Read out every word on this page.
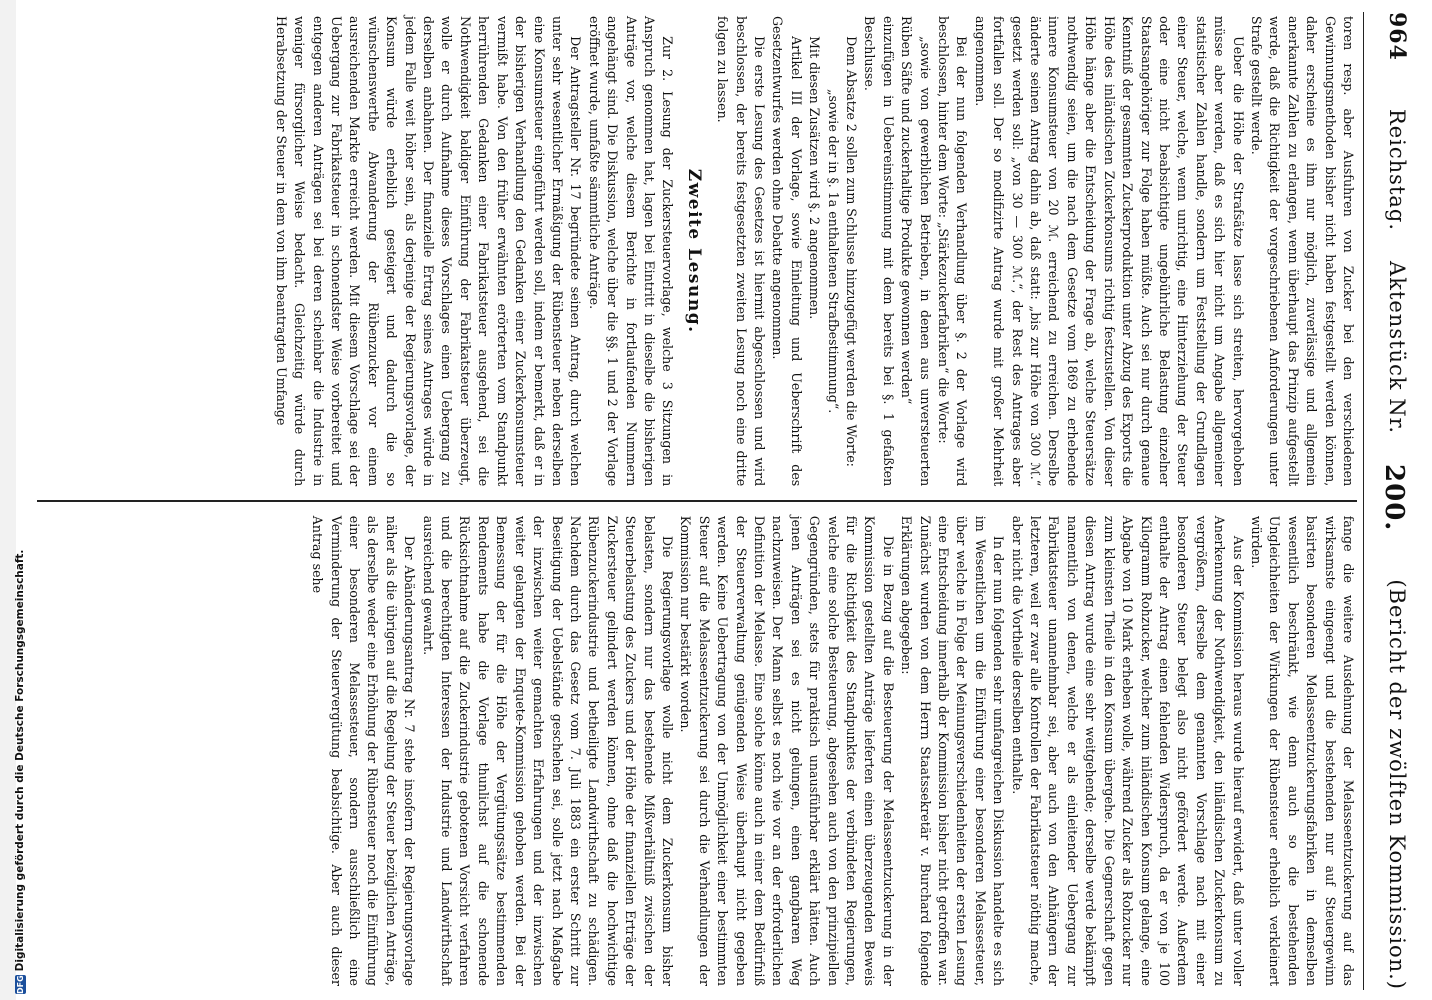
DFG
Digitalisierung gefördert durch die Deutsche Forschungsgemeinschaft.
964
Reichstag.
Aktenstück Nr.
200.
(Bericht der zwölften Kommission.)

toren resp. aber Ausfuhren von Zucker bei den verschiedenen Gewinnungsmethoden bisher nicht haben festgestellt werden können, daher erscheine es ihm nur möglich, zuverlässige und allgemein anerkannte Zahlen zu erlangen, wenn überhaupt das Prinzip aufgestellt werde, daß die Richtigkeit der vorgeschriebenen Anforderungen unter Strafe gestellt werde.

Ueber die Höhe der Strafsätze lasse sich streiten, hervorgehoben müsse aber werden, daß es sich hier nicht um Angabe allgemeiner statistischer Zahlen handle, sondern um Feststellung der Grundlagen einer Steuer, welche, wenn unrichtig, eine Hinterziehung der Steuer oder eine nicht beabsichtigte ungebührliche Belastung einzelner Staatsangehöriger zur Folge haben müßte. Auch sei nur durch genaue Kenntniß der gesammten Zuckerproduktion unter Abzug des Exports die Höhe des inländischen Zuckerkonsums richtig festzustellen. Von dieser Höhe hänge aber die Entscheidung der Frage ab, welche Steuersätze nothwendig seien, um die nach dem Gesetze vom 1869 zu erhebende innere Konsumsteuer von 20 ℳ. erreichend zu erreichen. Derselbe änderte seinen Antrag dahin ab, daß statt: „bis zur Höhe von 300 ℳ.“ gesetzt werden soll: „von 30 — 300 ℳ.“, der Rest des Antrages aber fortfallen soll. Der so modifizirte Antrag wurde mit großer Mehrheit angenommen.

Bei der nun folgenden Verhandlung über §. 2 der Vorlage wird beschlossen, hinter dem Worte: „Stärkezuckerfabriken“ die Worte:

„sowie von gewerblichen Betrieben, in denen aus unversteuerten Rüben Säfte und zuckerhaltige Produkte gewonnen werden“

einzufügen in Uebereinstimmung mit dem bereits bei §. 1 gefaßten Beschlusse.

Dem Absatze 2 sollen zum Schlusse hinzugefügt werden die Worte:

„sowie der in §. 1a enthaltenen Strafbestimmung“.

Mit diesen Zusätzen wird §. 2 angenommen.

Artikel III der Vorlage, sowie Einleitung und Ueberschrift des Gesetzentwurfes werden ohne Debatte angenommen.

Die erste Lesung des Gesetzes ist hiermit abgeschlossen und wird beschlossen, der bereits festgesetzten zweiten Lesung noch eine dritte folgen zu lassen.

Zweite Lesung.

Zur 2. Lesung der Zuckersteuervorlage, welche 3 Sitzungen in Anspruch genommen hat, lagen bei Eintritt in dieselbe die bisherigen Anträge vor, welche diesem Berichte in fortlaufenden Nummern angehängt sind. Die Diskussion, welche über die §§. 1 und 2 der Vorlage eröffnet wurde, umfaßte sämmtliche Anträge.

Der Antragsteller Nr. 17 begründete seinen Antrag, durch welchen unter sehr wesentlicher Ermäßigung der Rübensteuer neben derselben eine Konsumsteuer eingeführt werden soll, indem er bemerkt, daß er in der bisherigen Verhandlung den Gedanken einer Zuckerkonsumsteuer vermißt habe. Von den früher erwähnten erörterten vom Standpunkt herrührenden Gedanken einer Fabrikatsteuer ausgehend, sei die Nothwendigkeit baldiger Einführung der Fabrikatsteuer überzeugt, wolle er durch Aufnahme dieses Vorschlages einen Uebergang zu derselben anbahnen. Der finanzielle Ertrag seines Antrages würde in jedem Falle weit höher sein, als derjenige der Regierungsvorlage, der Konsum würde erheblich gesteigert und dadurch die so wünschenswerthe Abwanderung der Rübenzucker vor einem ausreichenden Markte erreicht werden. Mit diesem Vorschlage sei der Uebergang zur Fabrikatsteuer in schonendster Weise vorbereitet und entgegen anderen Anträgen sei bei deren scheinbar die Industrie in weniger fürsorglicher Weise bedacht. Gleichzeitig würde durch Herabsetzung der Steuer in dem von ihm beantragten Umfange

fange die weitere Ausdehnung der Melasseentzuckerung auf das wirksamste eingeengt und die bestehenden nur auf Steuergewinn basirten besonderen Melasseentzuckerungsfabriken in demselben wesentlich beschränkt, wie denn auch so die bestehenden Ungleichheiten der Wirkungen der Rübensteuer erheblich verkleinert würden.

Aus der Kommission heraus wurde hierauf erwidert, daß unter voller Anerkennung der Nothwendigkeit, den inländischen Zuckerkonsum zu vergrößern, derselbe dem genannten Vorschlage nach mit einer besonderen Steuer belegt also nicht gefördert werde. Außerdem enthalte der Antrag einen fehlenden Widerspruch, da er von je 100 Kilogramm Rohzucker, welcher zum inländischen Konsum gelange, eine Abgabe von 10 Mark erheben wolle, während Zucker als Rohzucker nur zum kleinsten Theile in den Konsum übergehe. Die Gegnerschaft gegen diesen Antrag wurde eine sehr weitgehende; derselbe werde bekämpft namentlich von denen, welche er als einleitender Uebergang zur Fabrikatsteuer unannehmbar sei, aber auch von den Anhängern der letzteren, weil er zwar alle Kontrollen der Fabrikatsteuer nöthig mache, aber nicht die Vortheile derselben enthalte.

In der nun folgenden sehr umfangreichen Diskussion handelte es sich im Wesentlichen um die Einführung einer besonderen Melassesteuer, über welche in Folge der Meinungsverschiedenheiten der ersten Lesung eine Entscheidung innerhalb der Kommission bisher nicht getroffen war. Zunächst wurden von dem Herrn Staatssekretär v. Burchard folgende Erklärungen abgegeben:

Die in Bezug auf die Besteuerung der Melasseentzuckerung in der Kommission gestellten Anträge lieferten einen überzeugenden Beweis für die Richtigkeit des Standpunktes der verbündeten Regierungen, welche eine solche Besteuerung, abgesehen auch von den prinzipiellen Gegengründen, stets für praktisch unausführbar erklärt hätten. Auch jenen Anträgen sei es nicht gelungen, einen gangbaren Weg nachzuweisen. Der Mann selbst es noch wie vor an der erforderlichen Definition der Melasse. Eine solche könne auch in einer dem Bedürfniß der Steuerverwaltung genügenden Weise überhaupt nicht gegeben werden. Keine Uebertragung von der Unmöglichkeit einer bestimmten Steuer auf die Melasseentzuckerung sei durch die Verhandlungen der Kommission nur bestärkt worden.

Die Regierungsvorlage wolle nicht dem Zuckerkonsum bisher belasten, sondern nur das bestehende Mißverhältniß zwischen der Steuerbelastung des Zuckers und der Höhe der finanziellen Erträge der Zuckersteuer gelindert werden können, ohne daß die hochwichtige Rübenzuckerindustrie und betheiligte Landwirthschaft zu schädigen. Nachdem durch das Gesetz vom 7. Juli 1883 ein erster Schritt zur Beseitigung der Uebelstände geschehen sei, solle jetzt nach Maßgabe der inzwischen weiter gemachten Erfahrungen und der inzwischen weiter gelangten der Enquete-Kommission gehoben werden. Bei der Bemessung der für die Höhe der Vergütungssätze bestimmenden Rendements habe die Vorlage thunlichst auf die schonende Rücksichtnahme auf die Zuckerindustrie gebotenen Vorsicht verfahren und die berechtigten Interessen der Industrie und Landwirthschaft ausreichend gewahrt.

Der Abänderungsantrag Nr. 7 stehe insofern der Regierungsvorlage näher als die übrigen auf die Regelung der Steuer bezüglichen Anträge, als derselbe weder eine Erhöhung der Rübensteuer noch die Einführung einer besonderen Melassesteuer, sondern ausschließlich eine Verminderung der Steuervergütung beabsichtige. Aber auch dieser Antrag sehe
